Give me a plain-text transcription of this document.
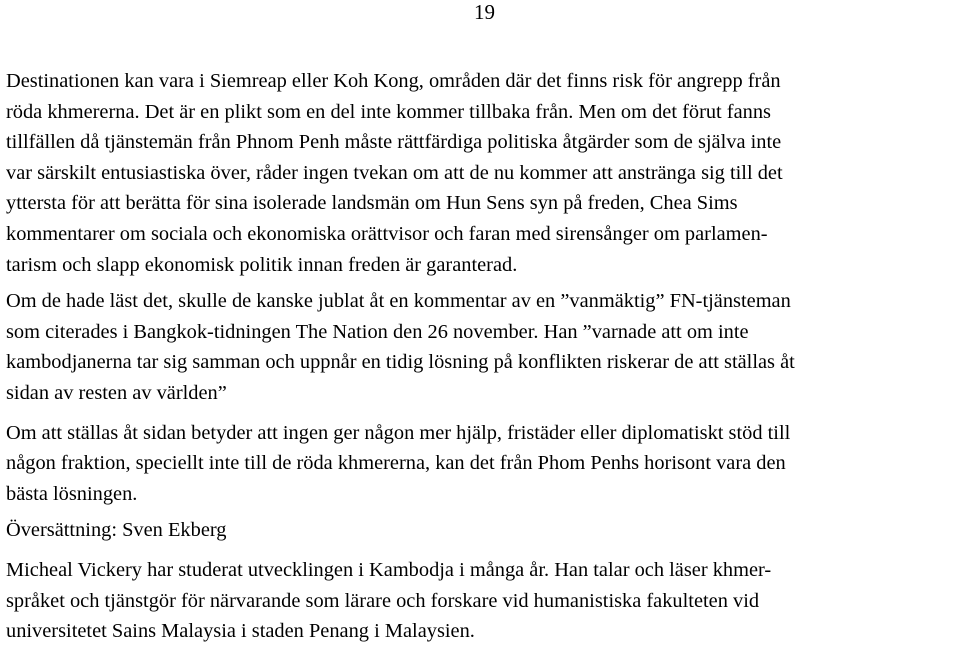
19

Destinationen kan vara i Siemreap eller Koh Kong, områden där det finns risk för angrepp från
röda khmererna. Det är en plikt som en del inte kommer tillbaka från. Men om det förut fanns
tillfällen då tjänstemän från Phnom Penh måste rättfärdiga politiska åtgärder som de själva inte
var särskilt entusiastiska över, råder ingen tvekan om att de nu kommer att anstränga sig till det
yttersta för att berätta för sina isolerade landsmän om Hun Sens syn på freden, Chea Sims
kommentarer om sociala och ekonomiska orättvisor och faran med sirensånger om parlamen-
tarism och slapp ekonomisk politik innan freden är garanterad.

Om de hade läst det, skulle de kanske jublat åt en kommentar av en ”vanmäktig” FN-tjänsteman
som citerades i Bangkok-tidningen The Nation den 26 november. Han ”varnade att om inte
kambodjanerna tar sig samman och uppnår en tidig lösning på konflikten riskerar de att ställas åt
sidan av resten av världen”

Om att ställas åt sidan betyder att ingen ger någon mer hjälp, fristäder eller diplomatiskt stöd till
någon fraktion, speciellt inte till de röda khmererna, kan det från Phom Penhs horisont vara den
bästa lösningen.

Översättning: Sven Ekberg

Micheal Vickery har studerat utvecklingen i Kambodja i många år. Han talar och läser khmer-
språket och tjänstgör för närvarande som lärare och forskare vid humanistiska fakulteten vid
universitetet Sains Malaysia i staden Penang i Malaysien.
